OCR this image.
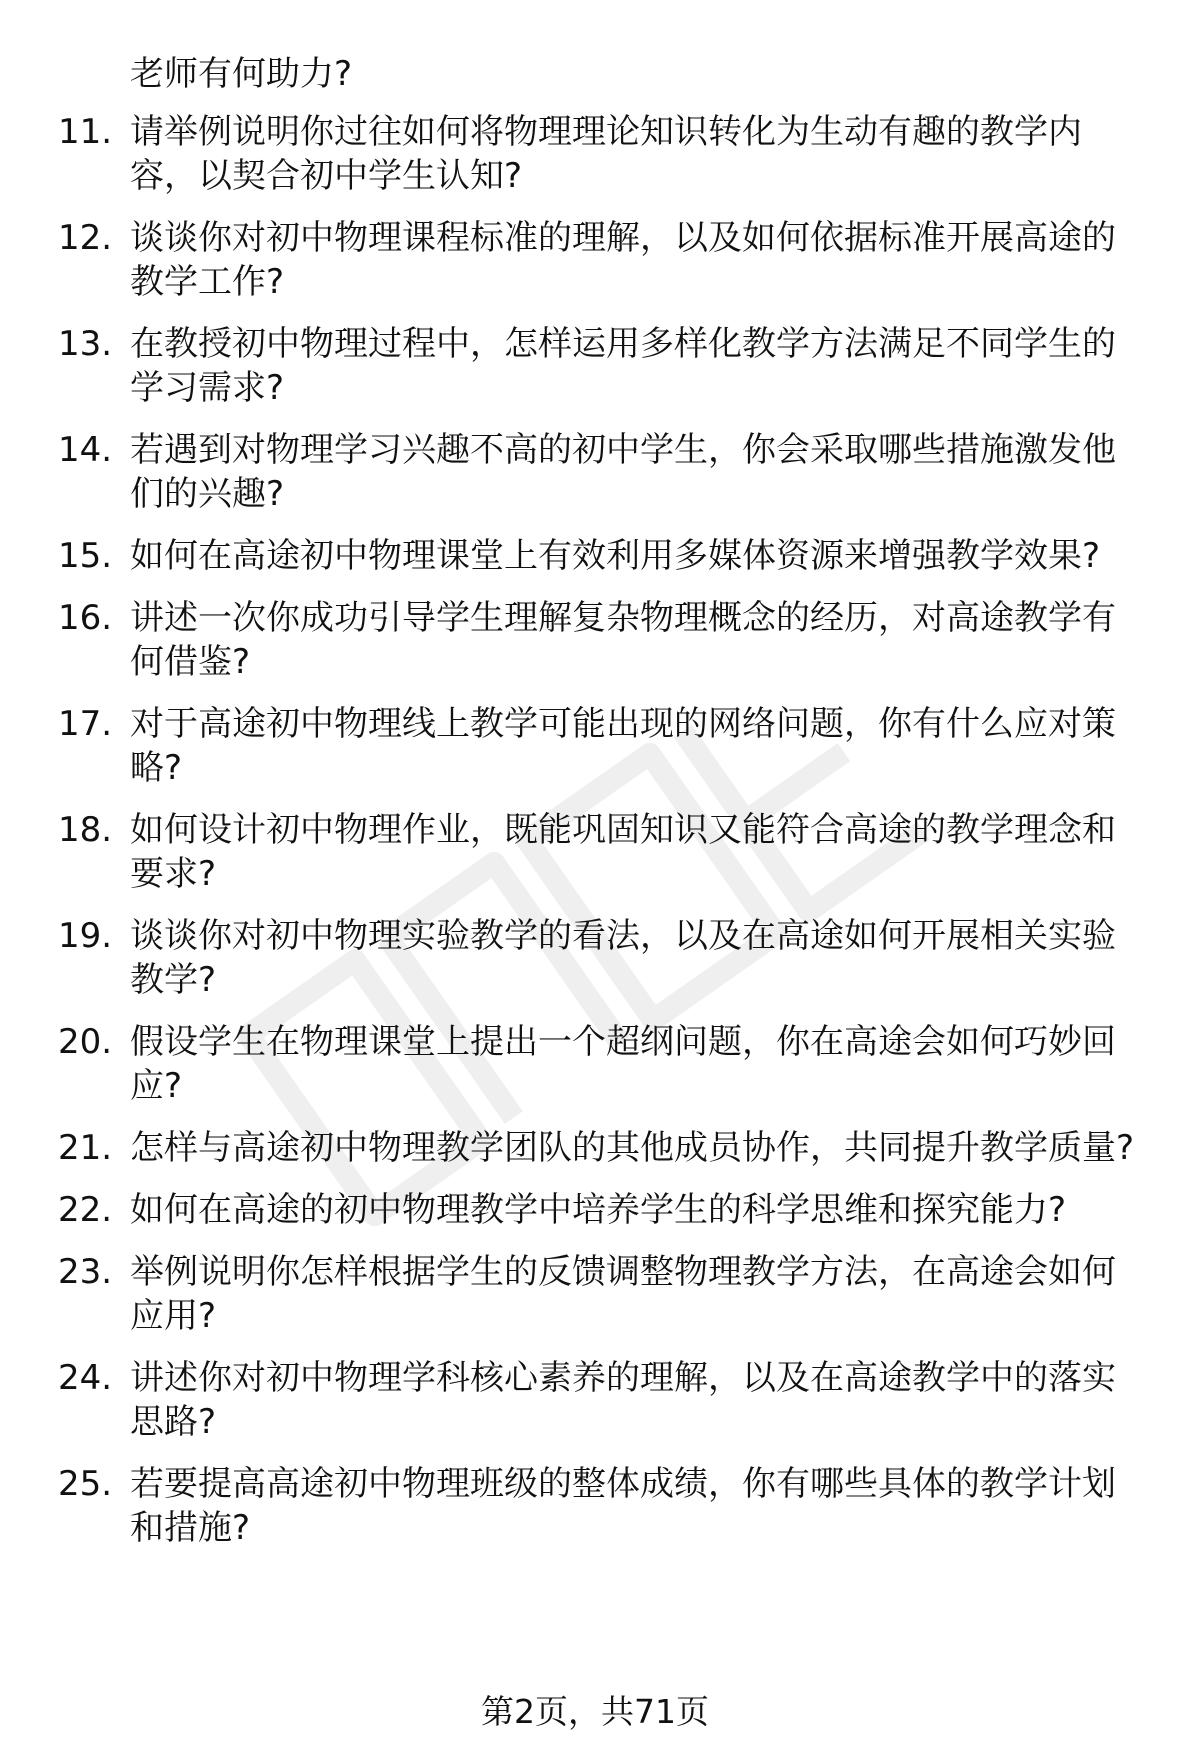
老师有何助力?
11. 请举例说明你过往如何将物理理论知识转化为生动有趣的教学内容，以契合初中学生认知?
12. 谈谈你对初中物理课程标准的理解，以及如何依据标准开展高途的教学工作?
13. 在教授初中物理过程中，怎样运用多样化教学方法满足不同学生的学习需求?
14. 若遇到对物理学习兴趣不高的初中学生，你会采取哪些措施激发他们的兴趣?
15. 如何在高途初中物理课堂上有效利用多媒体资源来增强教学效果?
16. 讲述一次你成功引导学生理解复杂物理概念的经历，对高途教学有何借鉴?
17. 对于高途初中物理线上教学可能出现的网络问题，你有什么应对策略?
18. 如何设计初中物理作业，既能巩固知识又能符合高途的教学理念和要求?
19. 谈谈你对初中物理实验教学的看法，以及在高途如何开展相关实验教学?
20. 假设学生在物理课堂上提出一个超纲问题，你在高途会如何巧妙回应?
21. 怎样与高途初中物理教学团队的其他成员协作，共同提升教学质量?
22. 如何在高途的初中物理教学中培养学生的科学思维和探究能力?
23. 举例说明你怎样根据学生的反馈调整物理教学方法，在高途会如何应用?
24. 讲述你对初中物理学科核心素养的理解，以及在高途教学中的落实思路?
25. 若要提高高途初中物理班级的整体成绩，你有哪些具体的教学计划和措施?
第2页，共71页
